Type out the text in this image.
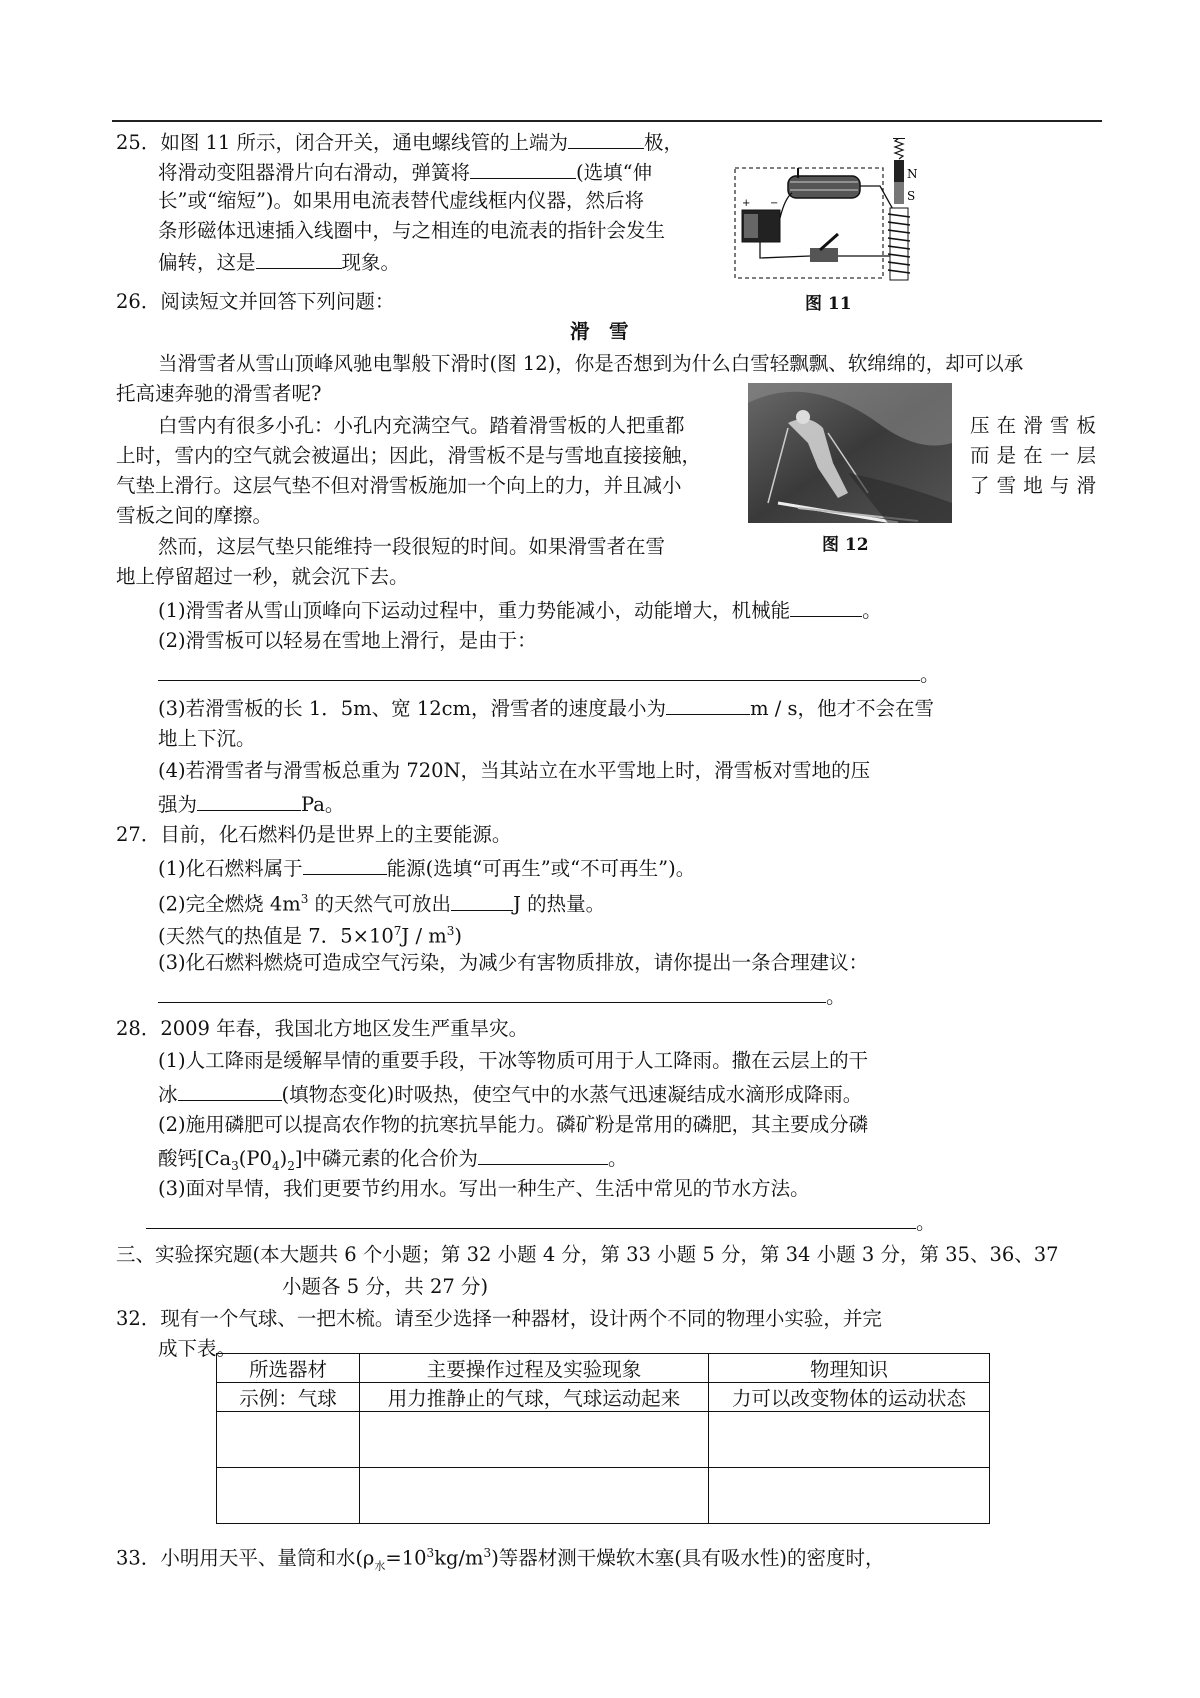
25．如图 11 所示，闭合开关，通电螺线管的上端为	极，
将滑动变阻器滑片向右滑动，弹簧将	(选填“伸
长”或“缩短”)。如果用电流表替代虚线框内仪器，然后将
条形磁体迅速插入线圈中，与之相连的电流表的指针会发生
偏转，这是	现象。
+ −
N
S
图 11
26．阅读短文并回答下列问题：
滑　雪
当滑雪者从雪山顶峰风驰电掣般下滑时(图 12)，你是否想到为什么白雪轻飘飘、软绵绵的，却可以承
托高速奔驰的滑雪者呢?
白雪内有很多小孔：小孔内充满空气。踏着滑雪板的人把重都	压在滑雪板
上时，雪内的空气就会被逼出；因此，滑雪板不是与雪地直接接触，	而是在一层
气垫上滑行。这层气垫不但对滑雪板施加一个向上的力，并且减小	了雪地与滑
雪板之间的摩擦。
图 12
然而，这层气垫只能维持一段很短的时间。如果滑雪者在雪
地上停留超过一秒，就会沉下去。
(1)滑雪者从雪山顶峰向下运动过程中，重力势能减小，动能增大，机械能	。
(2)滑雪板可以轻易在雪地上滑行，是由于：
。
(3)若滑雪板的长 1．5m、宽 12cm，滑雪者的速度最小为	m / s，他才不会在雪
地上下沉。
(4)若滑雪者与滑雪板总重为 720N，当其站立在水平雪地上时，滑雪板对雪地的压
强为	Pa。
27．目前，化石燃料仍是世界上的主要能源。
(1)化石燃料属于	能源(选填“可再生”或“不可再生”)。
(2)完全燃烧 $4m^3$ 的天然气可放出	J 的热量。
(天然气的热值是 7．$5\times 10^7J / m^3$)
(3)化石燃料燃烧可造成空气污染，为减少有害物质排放，请你提出一条合理建议：
。
28．2009 年春，我国北方地区发生严重旱灾。
(1)人工降雨是缓解旱情的重要手段，干冰等物质可用于人工降雨。撒在云层上的干
冰	(填物态变化)时吸热，使空气中的水蒸气迅速凝结成水滴形成降雨。
(2)施用磷肥可以提高农作物的抗寒抗旱能力。磷矿粉是常用的磷肥，其主要成分磷
酸钙$[Ca_3(P0_4)_2]$中磷元素的化合价为	。
(3)面对旱情，我们更要节约用水。写出一种生产、生活中常见的节水方法。
。
三、实验探究题(本大题共 6 个小题；第 32 小题 4 分，第 33 小题 5 分，第 34 小题 3 分，第 35、36、37
小题各 5 分，共 27 分)
32．现有一个气球、一把木梳。请至少选择一种器材，设计两个不同的物理小实验，并完
成下表。
所选器材	主要操作过程及实验现象	物理知识
示例：气球	用力推静止的气球，气球运动起来	力可以改变物体的运动状态

33．小明用天平、量筒和水$(\rho_水=10^3kg/m^3)$等器材测干燥软木塞(具有吸水性)的密度时，
